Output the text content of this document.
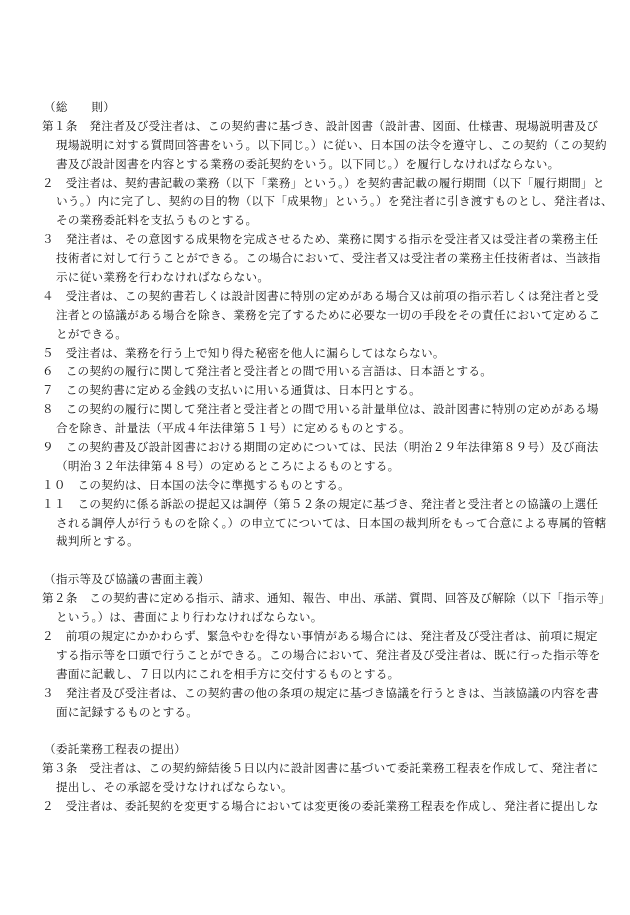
（総　　則）
第１条　発注者及び受注者は、この契約書に基づき、設計図書（設計書、図面、仕様書、現場説明書及び
現場説明に対する質問回答書をいう。以下同じ。）に従い、日本国の法令を遵守し、この契約（この契約
書及び設計図書を内容とする業務の委託契約をいう。以下同じ。）を履行しなければならない。
２　受注者は、契約書記載の業務（以下「業務」という。）を契約書記載の履行期間（以下「履行期間」と
いう。）内に完了し、契約の目的物（以下「成果物」という。）を発注者に引き渡すものとし、発注者は、
その業務委託料を支払うものとする。
３　発注者は、その意図する成果物を完成させるため、業務に関する指示を受注者又は受注者の業務主任
技術者に対して行うことができる。この場合において、受注者又は受注者の業務主任技術者は、当該指
示に従い業務を行わなければならない。
４　受注者は、この契約書若しくは設計図書に特別の定めがある場合又は前項の指示若しくは発注者と受
注者との協議がある場合を除き、業務を完了するために必要な一切の手段をその責任において定めるこ
とができる。
５　受注者は、業務を行う上で知り得た秘密を他人に漏らしてはならない。
６　この契約の履行に関して発注者と受注者との間で用いる言語は、日本語とする。
７　この契約書に定める金銭の支払いに用いる通貨は、日本円とする。
８　この契約の履行に関して発注者と受注者との間で用いる計量単位は、設計図書に特別の定めがある場
合を除き、計量法（平成４年法律第５１号）に定めるものとする。
９　この契約書及び設計図書における期間の定めについては、民法（明治２９年法律第８９号）及び商法
（明治３２年法律第４８号）の定めるところによるものとする。
１０　この契約は、日本国の法令に準拠するものとする。
１１　この契約に係る訴訟の提起又は調停（第５２条の規定に基づき、発注者と受注者との協議の上選任
される調停人が行うものを除く。）の申立てについては、日本国の裁判所をもって合意による専属的管轄
裁判所とする。
（指示等及び協議の書面主義）
第２条　この契約書に定める指示、請求、通知、報告、申出、承諾、質問、回答及び解除（以下「指示等」
という。）は、書面により行わなければならない。
２　前項の規定にかかわらず、緊急やむを得ない事情がある場合には、発注者及び受注者は、前項に規定
する指示等を口頭で行うことができる。この場合において、発注者及び受注者は、既に行った指示等を
書面に記載し、７日以内にこれを相手方に交付するものとする。
３　発注者及び受注者は、この契約書の他の条項の規定に基づき協議を行うときは、当該協議の内容を書
面に記録するものとする。
（委託業務工程表の提出）
第３条　受注者は、この契約締結後５日以内に設計図書に基づいて委託業務工程表を作成して、発注者に
提出し、その承認を受けなければならない。
２　受注者は、委託契約を変更する場合においては変更後の委託業務工程表を作成し、発注者に提出しな
